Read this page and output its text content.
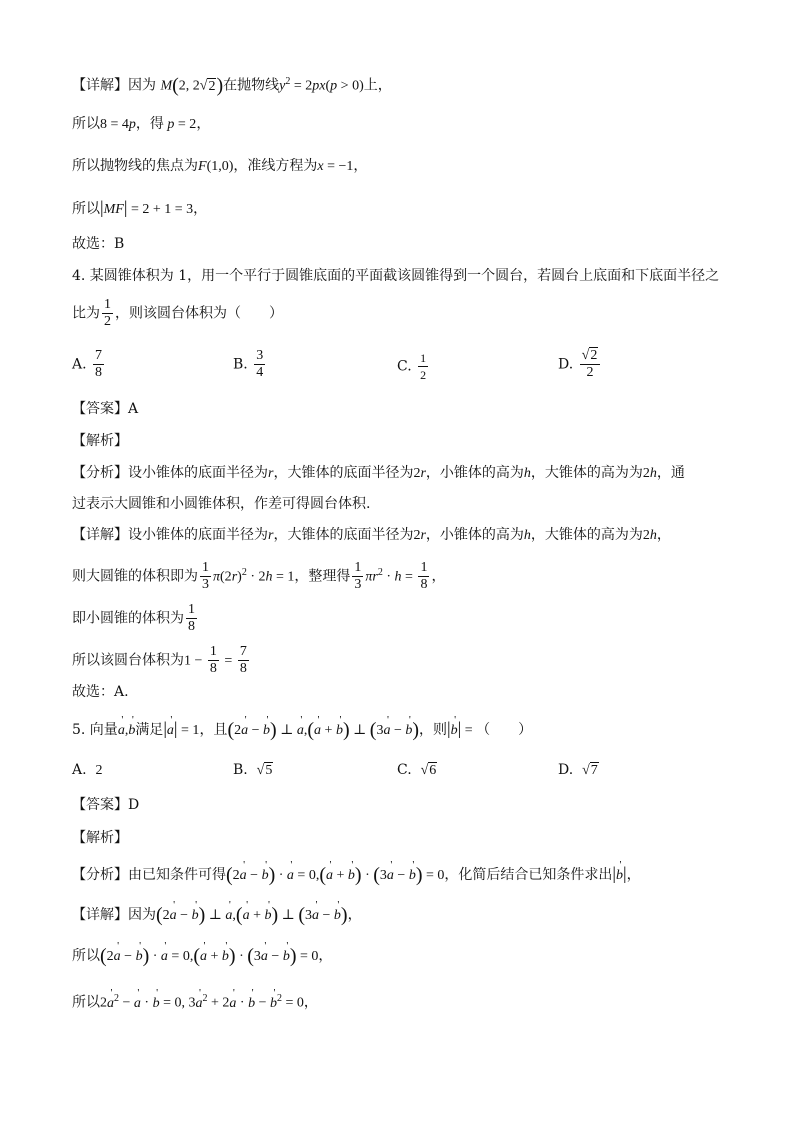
【详解】因为 M(2, 2√2)在抛物线$y^2 = 2px(p > 0)$上，
所以8 = 4p，得 p = 2，
所以抛物线的焦点为F(1,0)，准线方程为x = −1，
所以|MF| = 2 + 1 = 3，
故选：B
4. 某圆锥体积为 1，用一个平行于圆锥底面的平面截该圆锥得到一个圆台，若圆台上底面和下底面半径之
比为 $\frac{1}{2}$ ，则该圆台体积为（　　）
A. $\frac{7}{8}$	B. $\frac{3}{4}$	C. $\frac{1}{2}$	D. $\frac{√2}{2}$
【答案】A
【解析】
【分析】设小锥体的底面半径为r，大锥体的底面半径为2r，小锥体的高为h，大锥体的高为为2h，通
过表示大圆锥和小圆锥体积，作差可得圆台体积.
【详解】设小锥体的底面半径为r，大锥体的底面半径为2r，小锥体的高为h，大锥体的高为为2h，
则大圆锥的体积即为 $\frac{1}{3} \pi(2r)^2 \cdot 2h = 1$，整理得 $\frac{1}{3} \pi r^2 \cdot h = \frac{1}{8}$ ，
即小圆锥的体积为 $\frac{1}{8}$
所以该圆台体积为$1 - \frac{1}{8} = \frac{7}{8}$
故选：A.
5. 向量' a,' b满足|' a| = 1，且(2' a − ' b) ⊥ ' a,(' a + ' b) ⊥ (3' a − ' b)，则|' b| = （　　）
A. 2	B. √5	C. √6	D. √7
【答案】D
【解析】
【分析】由已知条件可得(2' a − ' b) · ' a = 0,(' a + ' b) · (3' a − ' b) = 0，化简后结合已知条件求出|' b|，
【详解】因为(2' a − ' b) ⊥ ' a,(' a + ' b) ⊥ (3' a − ' b)，
所以(2' a − ' b) · ' a = 0,(' a + ' b) · (3' a − ' b) = 0，
所以2' $a^2$ − ' a · ' b = 0, 3' $a^2 + 2'$ a · ' b − ' $b^2 = 0$，
